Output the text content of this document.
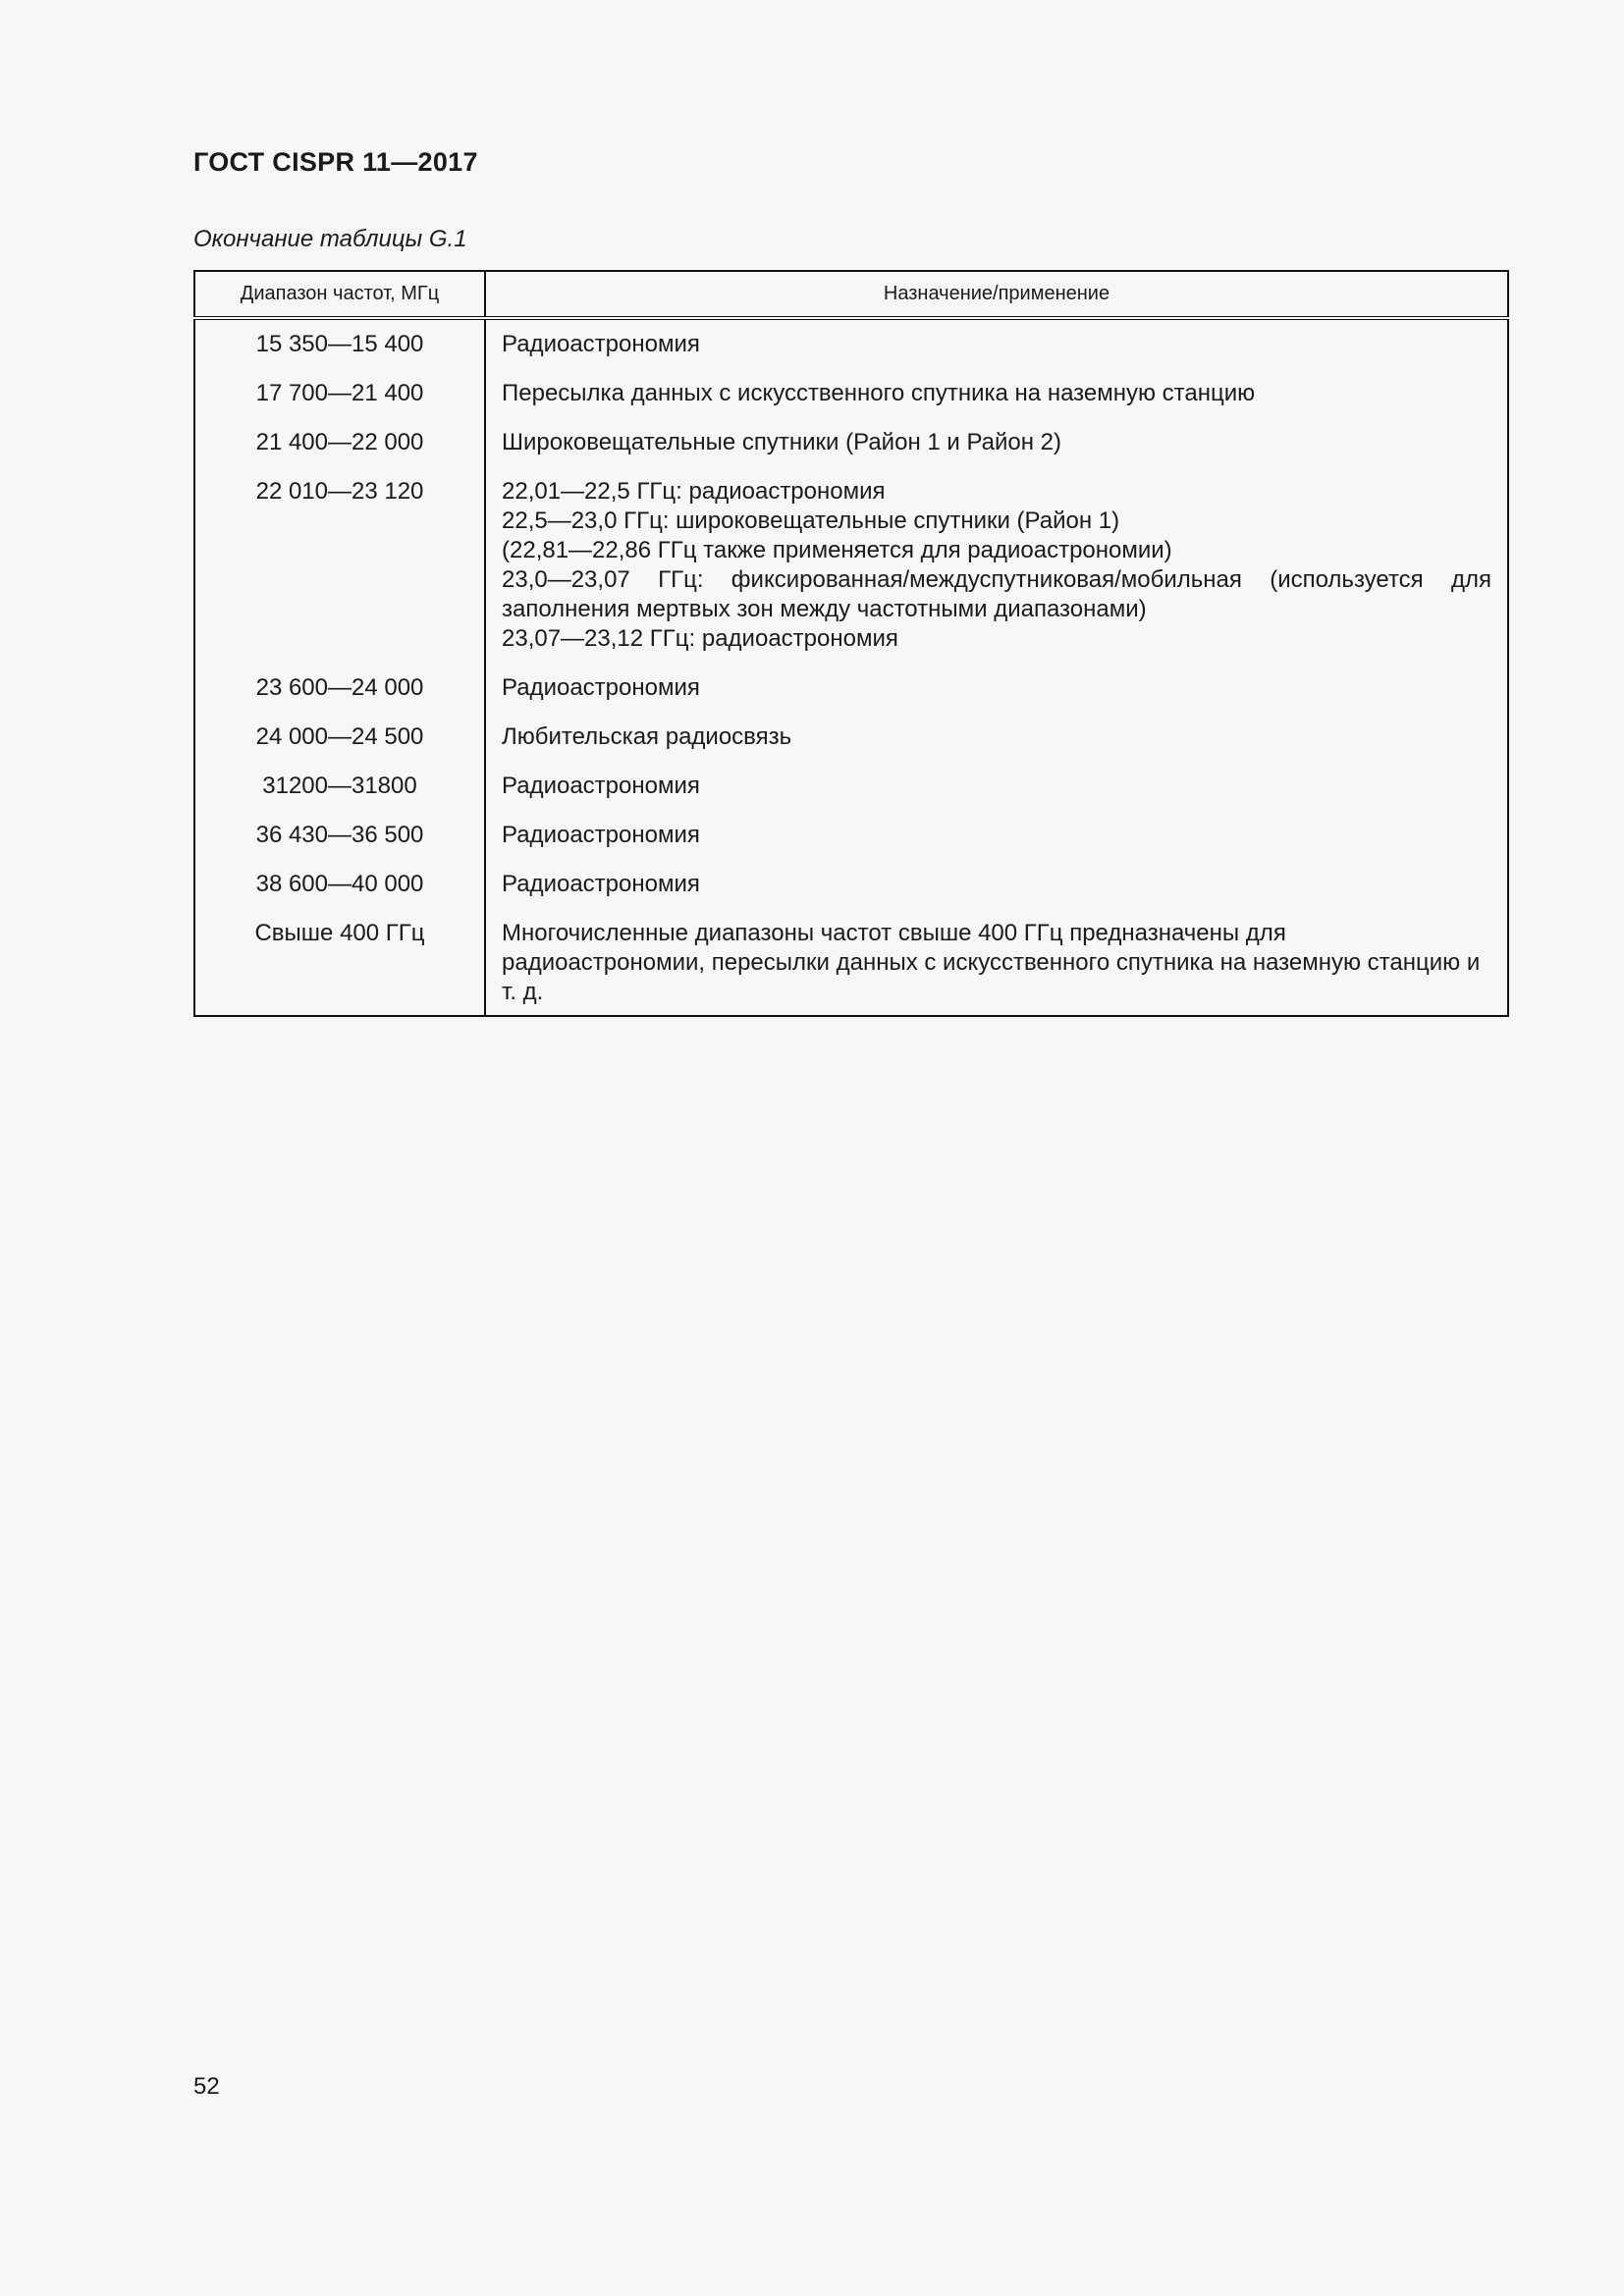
ГОСТ CISPR 11—2017

Окончание таблицы G.1

Диапазон частот, МГц	Назначение/применение
15 350—15 400	Радиоастрономия
17 700—21 400	Пересылка данных с искусственного спутника на наземную станцию
21 400—22 000	Широковещательные спутники (Район 1 и Район 2)
22 010—23 120	22,01—22,5 ГГц: радиоастрономия
22,5—23,0 ГГц: широковещательные спутники (Район 1)
(22,81—22,86 ГГц также применяется для радиоастрономии)
23,0—23,07 ГГц: фиксированная/междуспутниковая/мобильная (используется для заполнения мертвых зон между частотными диапазонами)
23,07—23,12 ГГц: радиоастрономия

23 600—24 000	Радиоастрономия
24 000—24 500	Любительская радиосвязь
31200—31800	Радиоастрономия
36 430—36 500	Радиоастрономия
38 600—40 000	Радиоастрономия
Свыше 400 ГГц	Многочисленные диапазоны частот свыше 400 ГГц предназначены для радиоастрономии, пересылки данных с искусственного спутника на наземную станцию и т. д.

52
